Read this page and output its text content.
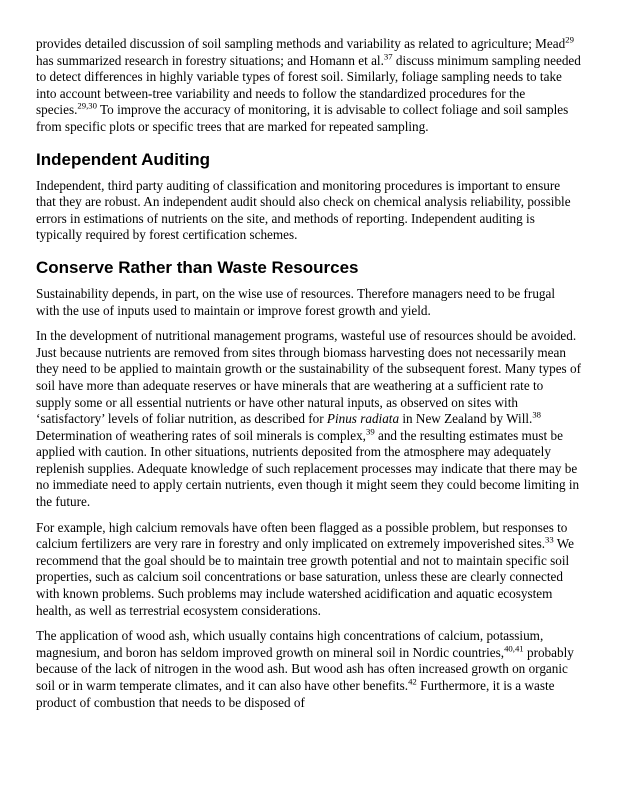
provides detailed discussion of soil sampling methods and variability as related to agriculture; Mead$^{29}$ has summarized research in forestry situations; and Homann et al.$^{37}$ discuss minimum sampling needed to detect differences in highly variable types of forest soil. Similarly, foliage sampling needs to take into account between-tree variability and needs to follow the standardized procedures for the species.$^{29,30}$ To improve the accuracy of monitoring, it is advisable to collect foliage and soil samples from specific plots or specific trees that are marked for repeated sampling.

Independent Auditing

Independent, third party auditing of classification and monitoring procedures is important to ensure that they are robust. An independent audit should also check on chemical analysis reliability, possible errors in estimations of nutrients on the site, and methods of reporting. Independent auditing is typically required by forest certification schemes.

Conserve Rather than Waste Resources

Sustainability depends, in part, on the wise use of resources. Therefore managers need to be frugal with the use of inputs used to maintain or improve forest growth and yield.

In the development of nutritional management programs, wasteful use of resources should be avoided. Just because nutrients are removed from sites through biomass harvesting does not necessarily mean they need to be applied to maintain growth or the sustainability of the subsequent forest. Many types of soil have more than adequate reserves or have minerals that are weathering at a sufficient rate to supply some or all essential nutrients or have other natural inputs, as observed on sites with ‘satisfactory’ levels of foliar nutrition, as described for Pinus radiata in New Zealand by Will.$^{38}$ Determination of weathering rates of soil minerals is complex,$^{39}$ and the resulting estimates must be applied with caution. In other situations, nutrients deposited from the atmosphere may adequately replenish supplies. Adequate knowledge of such replacement processes may indicate that there may be no immediate need to apply certain nutrients, even though it might seem they could become limiting in the future.

For example, high calcium removals have often been flagged as a possible problem, but responses to calcium fertilizers are very rare in forestry and only implicated on extremely impoverished sites.$^{33}$ We recommend that the goal should be to maintain tree growth potential and not to maintain specific soil properties, such as calcium soil concentrations or base saturation, unless these are clearly connected with known problems. Such problems may include watershed acidification and aquatic ecosystem health, as well as terrestrial ecosystem considerations.

The application of wood ash, which usually contains high concentrations of calcium, potassium, magnesium, and boron has seldom improved growth on mineral soil in Nordic countries,$^{40,41}$ probably because of the lack of nitrogen in the wood ash. But wood ash has often increased growth on organic soil or in warm temperate climates, and it can also have other benefits.$^{42}$ Furthermore, it is a waste product of combustion that needs to be disposed of
